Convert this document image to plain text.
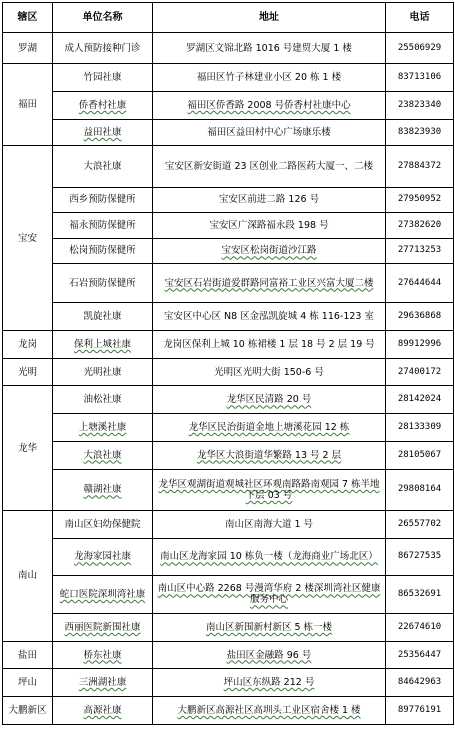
辖区	单位名称	地址	电话
罗湖	成人预防接种门诊	罗湖区文锦北路 1016 号建贸大厦 1 楼	25506929
福田	竹园社康	福田区竹子林建业小区 20 栋 1 楼	83713106
	侨香村社康	福田区侨香路 2008 号侨香村社康中心	23823340
	益田社康	福田区益田村中心广场康乐楼	83823930
宝安	大浪社康	宝安区新安街道 23 区创业二路医药大厦一、二楼	27884372
	西乡预防保健所	宝安区前进二路 126 号	27950952
	福永预防保健所	宝安区广深路福永段 198 号	27382620
	松岗预防保健所	宝安区松岗街道沙江路	27713253
	石岩预防保健所	宝安区石岩街道爱群路同富裕工业区兴富大厦二楼	27644644
	凯旋社康	宝安区中心区 N8 区金泓凯旋城 4 栋 116-123 室	29636868
龙岗	保利上城社康	龙岗区保利上城 10 栋裙楼 1 层 18 号 2 层 19 号	89912996
光明	光明社康	光明区光明大街 150-6 号	27400172
龙华	油松社康	龙华区民清路 20 号	28142024
	上塘溪社康	龙华区民治街道金地上塘溪花园 12 栋	28133309
	大浪社康	龙华区大浪街道华繁路 13 号 2 层	28105067
	赣湖社康	龙华区观湖街道观城社区环观南路路南观园 7 栋半地下层 03 号	29808164
南山	南山区妇幼保健院	南山区南海大道 1 号	26557702
	龙海家园社康	南山区龙海家园 10 栋负一楼（龙海商业广场北区）	86727535
	蛇口医院深圳湾社康	南山区中心路 2268 号漫湾华府 2 楼深圳湾社区健康服务中心	86532691
	西丽医院新围社康	南山区新围新村新区 5 栋一楼	22674610
盐田	桥东社康	盐田区金融路 96 号	25356447
坪山	三洲湖社康	坪山区东纵路 212 号	84642963
大鹏新区	高源社康	大鹏新区高源社区高圳头工业区宿舍楼 1 楼	89776191
